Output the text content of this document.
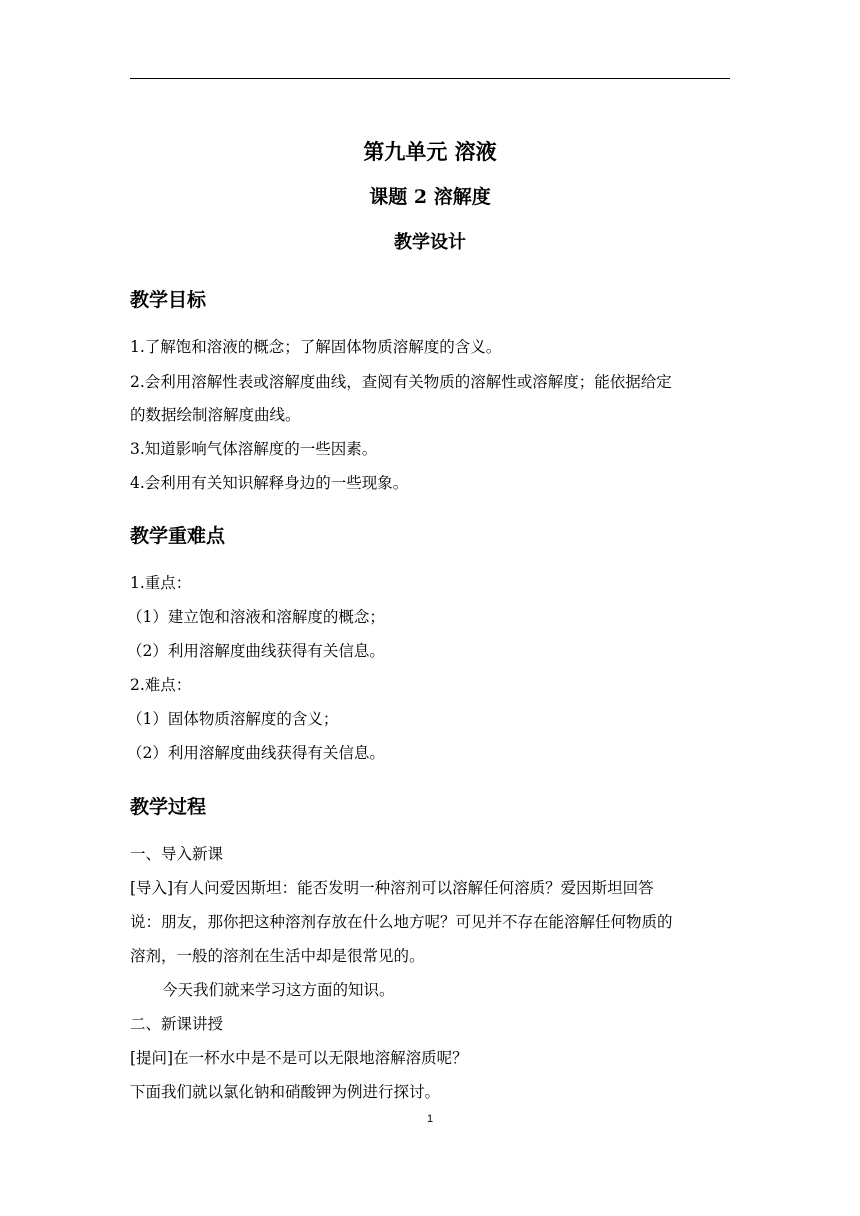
第九单元 溶液
课题 2 溶解度
教学设计
教学目标
1.了解饱和溶液的概念；了解固体物质溶解度的含义。
2.会利用溶解性表或溶解度曲线，查阅有关物质的溶解性或溶解度；能依据给定
的数据绘制溶解度曲线。
3.知道影响气体溶解度的一些因素。
4.会利用有关知识解释身边的一些现象。
教学重难点
1.重点：
（1）建立饱和溶液和溶解度的概念；
（2）利用溶解度曲线获得有关信息。
2.难点：
（1）固体物质溶解度的含义；
（2）利用溶解度曲线获得有关信息。
教学过程
一、导入新课
[导入]有人问爱因斯坦：能否发明一种溶剂可以溶解任何溶质？爱因斯坦回答
说：朋友，那你把这种溶剂存放在什么地方呢？可见并不存在能溶解任何物质的
溶剂，一般的溶剂在生活中却是很常见的。
今天我们就来学习这方面的知识。
二、新课讲授
[提问]在一杯水中是不是可以无限地溶解溶质呢？
下面我们就以氯化钠和硝酸钾为例进行探讨。
1
